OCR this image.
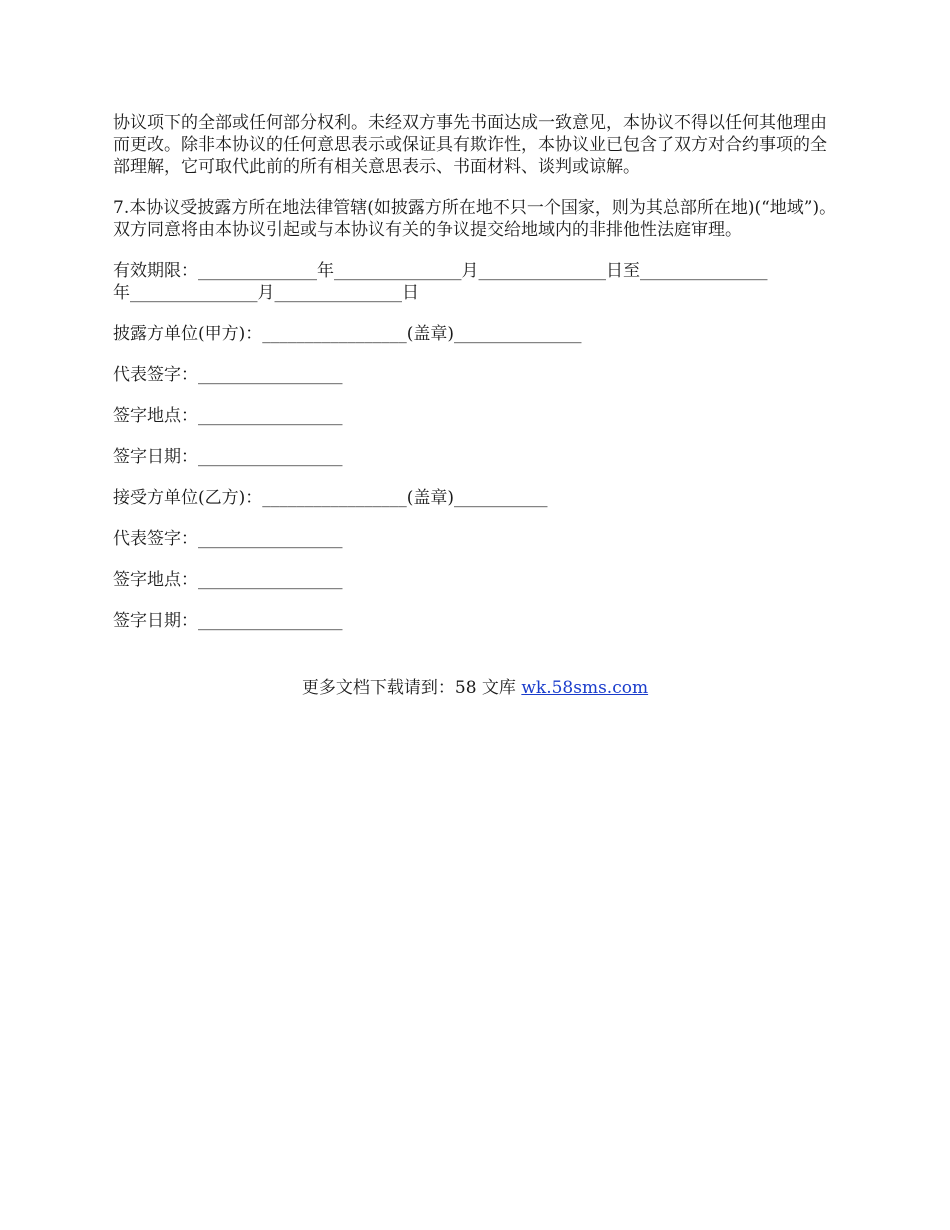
协议项下的全部或任何部分权利。未经双方事先书面达成一致意见，本协议不得以任何其他理由而更改。除非本协议的任何意思表示或保证具有欺诈性，本协议业已包含了双方对合约事项的全部理解，它可取代此前的所有相关意思表示、书面材料、谈判或谅解。

7.本协议受披露方所在地法律管辖(如披露方所在地不只一个国家，则为其总部所在地)(“地域”)。双方同意将由本协议引起或与本协议有关的争议提交给地域内的非排他性法庭审理。

有效期限：______________年_______________月_______________日至_______________
年_______________月_______________日
披露方单位(甲方)：_________________(盖章)_______________
代表签字：_________________
签字地点：_________________
签字日期：_________________
接受方单位(乙方)：_________________(盖章)___________
代表签字：_________________
签字地点：_________________
签字日期：_________________
更多文档下载请到：58 文库 wk.58sms.com
